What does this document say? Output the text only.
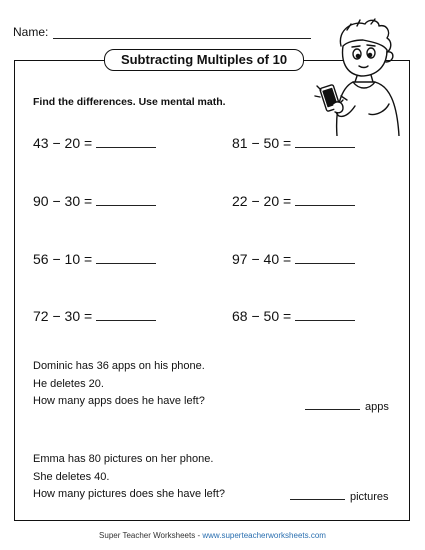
Name:
Subtracting Multiples of 10
Find the differences. Use mental math.
43 − 20 =	81 − 50 =
90 − 30 =	22 − 20 =
56 − 10 =	97 − 40 =
72 − 30 =	68 − 50 =
Dominic has 36 apps on his phone.
He deletes 20.
How many apps does he have left?	apps
Emma has 80 pictures on her phone.
She deletes 40.
How many pictures does she have left?	pictures
Super Teacher Worksheets - www.superteacherworksheets.com
